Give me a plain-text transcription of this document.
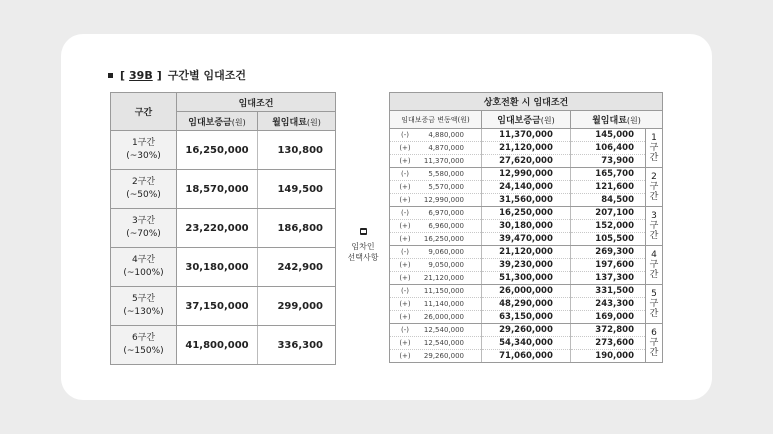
[ 39B ] 구간별 임대조건
구간	임대조건	
	임대보증금(원)	월임대료(원)
1구간
(~30%)	16,250,000	130,800
2구간
(~50%)	18,570,000	149,500
3구간
(~70%)	23,220,000	186,800
4구간
(~100%)	30,180,000	242,900
5구간
(~130%)	37,150,000	299,000
6구간
(~150%)	41,800,000	336,300

임차인
선택사항
상호전환 시 임대조건			
임대보증금 변동액(원)	임대보증금(원)	월임대료(원)	
(-) 4,880,000	11,370,000	145,000	1
구
간
(+) 4,870,000	21,120,000	106,400	
(+) 11,370,000	27,620,000	73,900	
(-) 5,580,000	12,990,000	165,700	2
구
간
(+) 5,570,000	24,140,000	121,600	
(+) 12,990,000	31,560,000	84,500	
(-) 6,970,000	16,250,000	207,100	3
구
간
(+) 6,960,000	30,180,000	152,000	
(+) 16,250,000	39,470,000	105,500	
(-) 9,060,000	21,120,000	269,300	4
구
간
(+) 9,050,000	39,230,000	197,600	
(+) 21,120,000	51,300,000	137,300	
(-) 11,150,000	26,000,000	331,500	5
구
간
(+) 11,140,000	48,290,000	243,300	
(+) 26,000,000	63,150,000	169,000	
(-) 12,540,000	29,260,000	372,800	6
구
간
(+) 12,540,000	54,340,000	273,600	
(+) 29,260,000	71,060,000	190,000	
